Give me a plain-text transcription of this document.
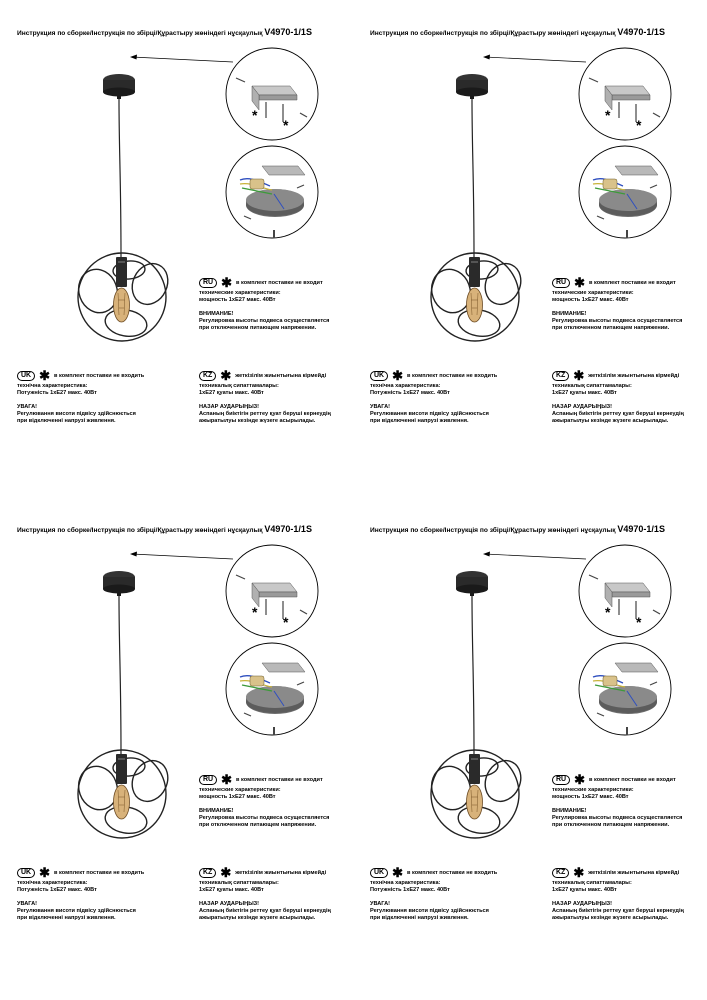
Инструкция по сборке/Інструкція по збірці/Құрастыру жөніндегі нұсқаулық V4970-1/1S
*
*
RU ✱ в комплект поставки не входит
технические характеристики:
мощность 1хЕ27 макс. 40Вт
ВНИМАНИЕ!
Регулировка высоты подвеса осуществляется
при отключенном питающем напряжении.
UK ✱ в комплект поставки не входить
технічна характеристика:
Потужність 1хЕ27 макс. 40Вт
УВАГА!
Регулювання висоти підвісу здійснюється
при відключенні напрузі живлення.
KZ ✱ жеткізілім жиынтығына кірмейді
техникалық сипаттамалары:
1хЕ27 қуаты макс. 40Вт
НАЗАР АУДАРЫҢЫЗ!
Аспаның биіктігін реттеу қуат беруші кернеудің
ажыратылуы кезінде жүзеге асырылады.
Инструкция по сборке/Інструкція по збірці/Құрастыру жөніндегі нұсқаулық V4970-1/1S
*
*
RU ✱ в комплект поставки не входит
технические характеристики:
мощность 1хЕ27 макс. 40Вт
ВНИМАНИЕ!
Регулировка высоты подвеса осуществляется
при отключенном питающем напряжении.
UK ✱ в комплект поставки не входить
технічна характеристика:
Потужність 1хЕ27 макс. 40Вт
УВАГА!
Регулювання висоти підвісу здійснюється
при відключенні напрузі живлення.
KZ ✱ жеткізілім жиынтығына кірмейді
техникалық сипаттамалары:
1хЕ27 қуаты макс. 40Вт
НАЗАР АУДАРЫҢЫЗ!
Аспаның биіктігін реттеу қуат беруші кернеудің
ажыратылуы кезінде жүзеге асырылады.
Инструкция по сборке/Інструкція по збірці/Құрастыру жөніндегі нұсқаулық V4970-1/1S
*
*
RU ✱ в комплект поставки не входит
технические характеристики:
мощность 1хЕ27 макс. 40Вт
ВНИМАНИЕ!
Регулировка высоты подвеса осуществляется
при отключенном питающем напряжении.
UK ✱ в комплект поставки не входить
технічна характеристика:
Потужність 1хЕ27 макс. 40Вт
УВАГА!
Регулювання висоти підвісу здійснюється
при відключенні напрузі живлення.
KZ ✱ жеткізілім жиынтығына кірмейді
техникалық сипаттамалары:
1хЕ27 қуаты макс. 40Вт
НАЗАР АУДАРЫҢЫЗ!
Аспаның биіктігін реттеу қуат беруші кернеудің
ажыратылуы кезінде жүзеге асырылады.
Инструкция по сборке/Інструкція по збірці/Құрастыру жөніндегі нұсқаулық V4970-1/1S
*
*
RU ✱ в комплект поставки не входит
технические характеристики:
мощность 1хЕ27 макс. 40Вт
ВНИМАНИЕ!
Регулировка высоты подвеса осуществляется
при отключенном питающем напряжении.
UK ✱ в комплект поставки не входить
технічна характеристика:
Потужність 1хЕ27 макс. 40Вт
УВАГА!
Регулювання висоти підвісу здійснюється
при відключенні напрузі живлення.
KZ ✱ жеткізілім жиынтығына кірмейді
техникалық сипаттамалары:
1хЕ27 қуаты макс. 40Вт
НАЗАР АУДАРЫҢЫЗ!
Аспаның биіктігін реттеу қуат беруші кернеудің
ажыратылуы кезінде жүзеге асырылады.
